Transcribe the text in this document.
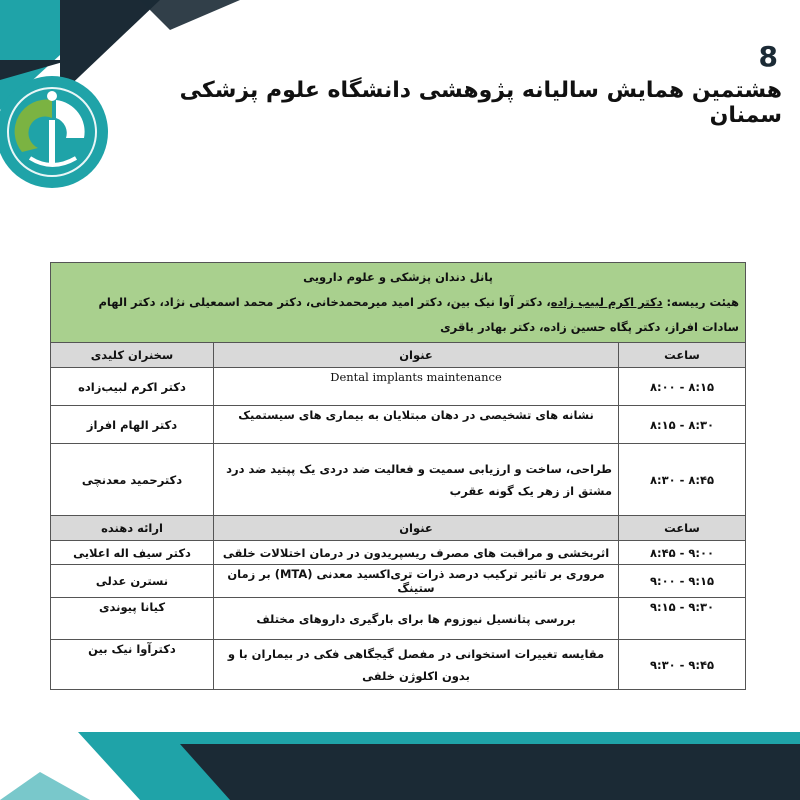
8
هشتمین همایش سالیانه پژوهشی دانشگاه علوم پزشکی سمنان
پانل دندان پزشکی و علوم دارویی
هیئت رییسه: دکتر اکرم لبیب زاده، دکتر آوا نیک بین، دکتر امید میرمحمدخانی، دکتر محمد اسمعیلی نژاد، دکتر الهام
سادات افراز، دکتر پگاه حسین زاده، دکتر بهادر باقری		

ساعت	عنوان	سخنران کلیدی
۸:۰۰ - ۸:۱۵	Dental implants maintenance	دکتر اکرم لبیب‌زاده
۸:۱۵ - ۸:۳۰	نشانه های تشخیصی در دهان مبتلایان به بیماری های سیستمیک	دکتر الهام افراز
۸:۳۰ - ۸:۴۵	طراحی، ساخت و ارزیابی سمیت و فعالیت ضد دردی یک پپتید ضد درد مشتق از زهر یک گونه عقرب	دکترحمید معدنچی
ساعت	عنوان	ارائه دهنده
۸:۴۵ - ۹:۰۰	اثربخشی و مراقبت های مصرف ریسپریدون در درمان اختلالات خلقی	دکتر سیف اله اعلایی
۹:۰۰ - ۹:۱۵	مروری بر تاثیر ترکیب درصد ذرات تری‌اکسید معدنی (MTA) بر زمان ستینگ	نسترن عدلی
۹:۱۵ - ۹:۳۰	بررسی پتانسیل نیوزوم ها برای بارگیری داروهای مختلف	کیانا پیوندی
۹:۳۰ - ۹:۴۵	مقایسه تغییرات استخوانی در مفصل گیجگاهی فکی در بیماران با و بدون اکلوژن خلفی	دکترآوا نیک بین
